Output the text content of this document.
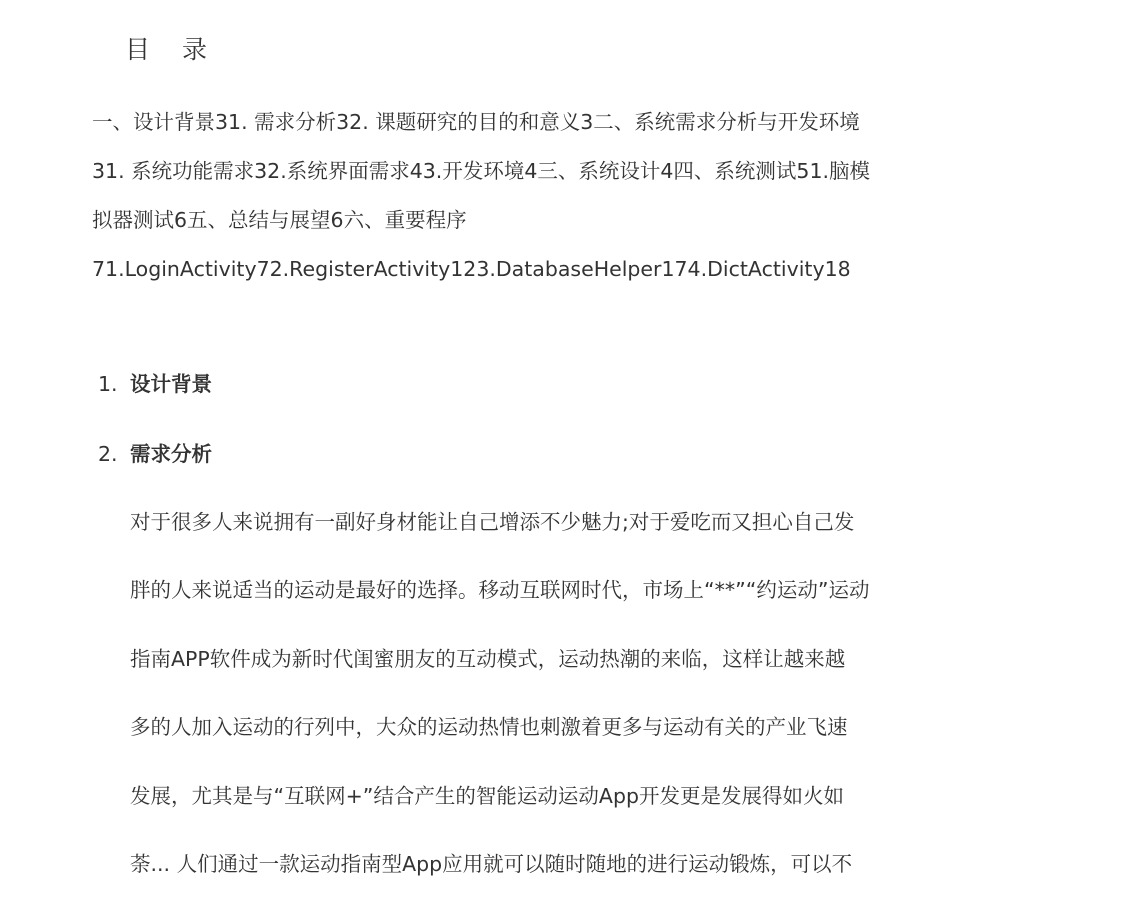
目 录
一、设计背景31. 需求分析32. 课题研究的目的和意义3二、系统需求分析与开发环境
31. 系统功能需求32.系统界面需求43.开发环境4三、系统设计4四、系统测试51.脑模
拟器测试6五、总结与展望6六、重要程序
71.LoginActivity72.RegisterActivity123.DatabaseHelper174.DictActivity18
1. 设计背景
2. 需求分析
对于很多人来说拥有一副好身材能让自己增添不少魅力;对于爱吃而又担心自己发
胖的人来说适当的运动是最好的选择。移动互联网时代，市场上“**”“约运动”运动
指南APP软件成为新时代闺蜜朋友的互动模式，运动热潮的来临，这样让越来越
多的人加入运动的行列中，大众的运动热情也刺激着更多与运动有关的产业飞速
发展，尤其是与“互联网+”结合产生的智能运动运动App开发更是发展得如火如
荼... 人们通过一款运动指南型App应用就可以随时随地的进行运动锻炼，可以不
